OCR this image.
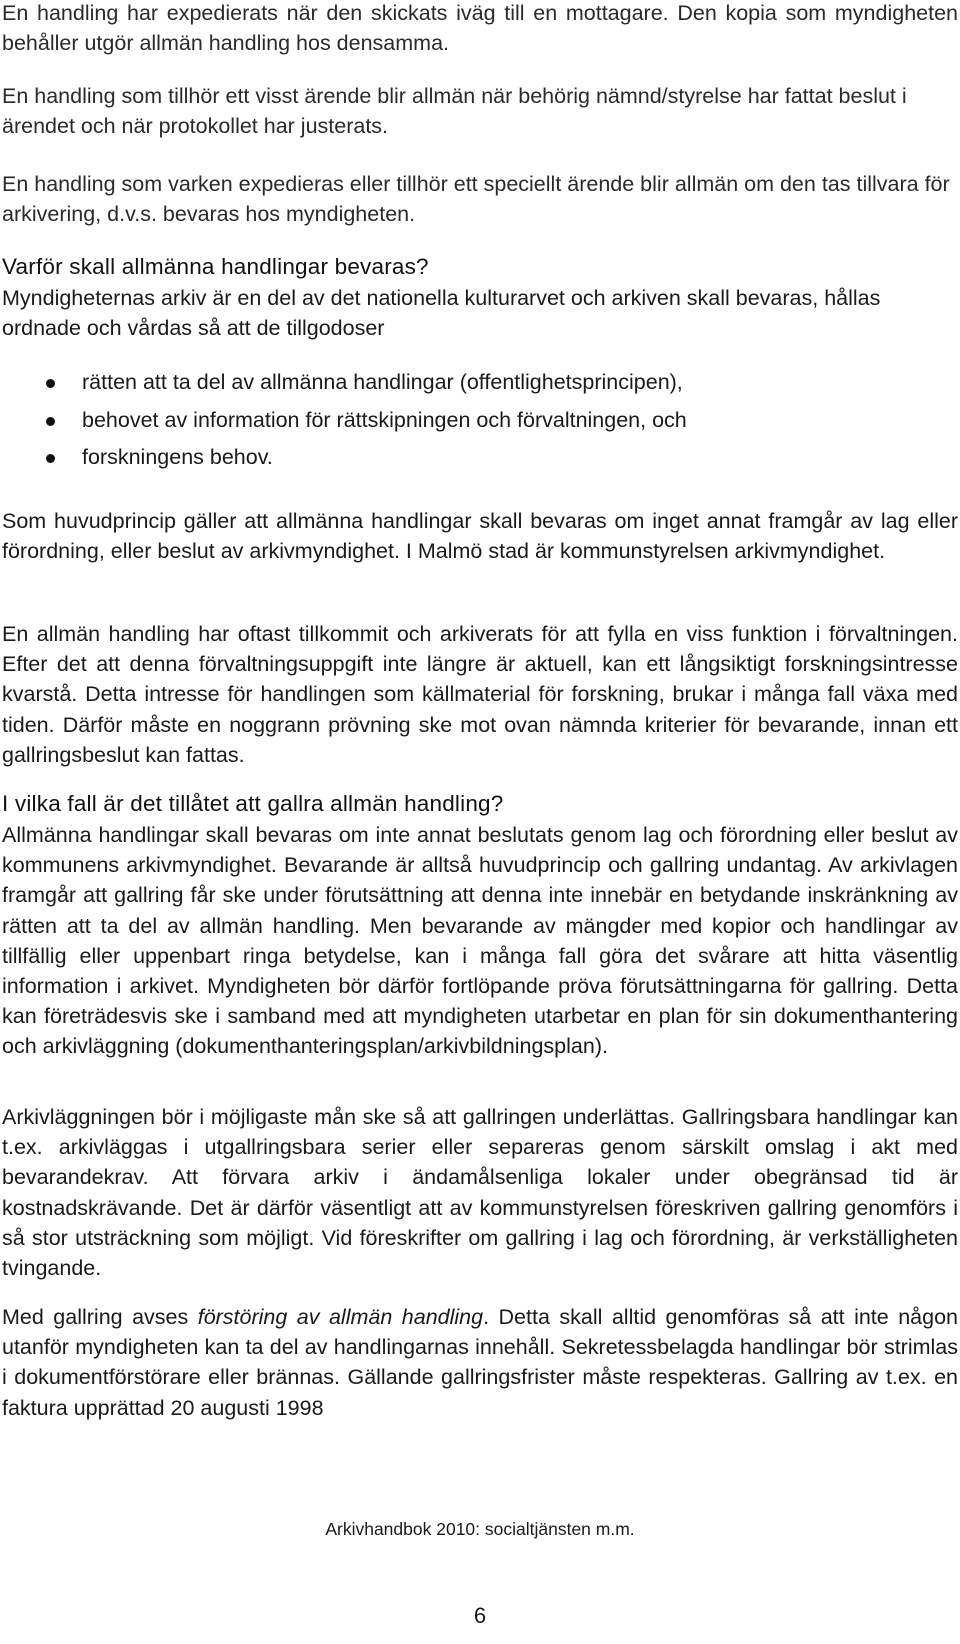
En handling har expedierats när den skickats iväg till en mottagare. Den kopia som myndigheten behåller utgör allmän handling hos densamma.

En handling som tillhör ett visst ärende blir allmän när behörig nämnd/styrelse har fattat beslut i ärendet och när protokollet har justerats.

En handling som varken expedieras eller tillhör ett speciellt ärende blir allmän om den tas tillvara för arkivering, d.v.s. bevaras hos myndigheten.

Varför skall allmänna handlingar bevaras?

Myndigheternas arkiv är en del av det nationella kulturarvet och arkiven skall bevaras, hållas ordnade och vårdas så att de tillgodoser

rätten att ta del av allmänna handlingar (offentlighetsprincipen),
behovet av information för rättskipningen och förvaltningen, och
forskningens behov.

Som huvudprincip gäller att allmänna handlingar skall bevaras om inget annat framgår av lag eller förordning, eller beslut av arkivmyndighet. I Malmö stad är kommunstyrelsen arkivmyndighet.

En allmän handling har oftast tillkommit och arkiverats för att fylla en viss funktion i förvaltningen. Efter det att denna förvaltningsuppgift inte längre är aktuell, kan ett långsiktigt forskningsintresse kvarstå. Detta intresse för handlingen som källmaterial för forskning, brukar i många fall växa med tiden. Därför måste en noggrann prövning ske mot ovan nämnda kriterier för bevarande, innan ett gallringsbeslut kan fattas.

I vilka fall är det tillåtet att gallra allmän handling?

Allmänna handlingar skall bevaras om inte annat beslutats genom lag och förordning eller beslut av kommunens arkivmyndighet. Bevarande är alltså huvudprincip och gallring undantag. Av arkivlagen framgår att gallring får ske under förutsättning att denna inte innebär en betydande inskränkning av rätten att ta del av allmän handling. Men bevarande av mängder med kopior och handlingar av tillfällig eller uppenbart ringa betydelse, kan i många fall göra det svårare att hitta väsentlig information i arkivet. Myndigheten bör därför fortlöpande pröva förutsättningarna för gallring. Detta kan företrädesvis ske i samband med att myndigheten utarbetar en plan för sin dokumenthantering och arkivläggning (dokumenthanteringsplan/arkivbildningsplan).

Arkivläggningen bör i möjligaste mån ske så att gallringen underlättas. Gallringsbara handlingar kan t.ex. arkivläggas i utgallringsbara serier eller separeras genom särskilt omslag i akt med bevarandekrav. Att förvara arkiv i ändamålsenliga lokaler under obegränsad tid är kostnadskrävande. Det är därför väsentligt att av kommunstyrelsen föreskriven gallring genomförs i så stor utsträckning som möjligt. Vid föreskrifter om gallring i lag och förordning, är verkställigheten tvingande.

Med gallring avses förstöring av allmän handling. Detta skall alltid genomföras så att inte någon utanför myndigheten kan ta del av handlingarnas innehåll. Sekretessbelagda handlingar bör strimlas i dokumentförstörare eller brännas. Gällande gallringsfrister måste respekteras. Gallring av t.ex. en faktura upprättad 20 augusti 1998

Arkivhandbok 2010: socialtjänsten m.m.
6
